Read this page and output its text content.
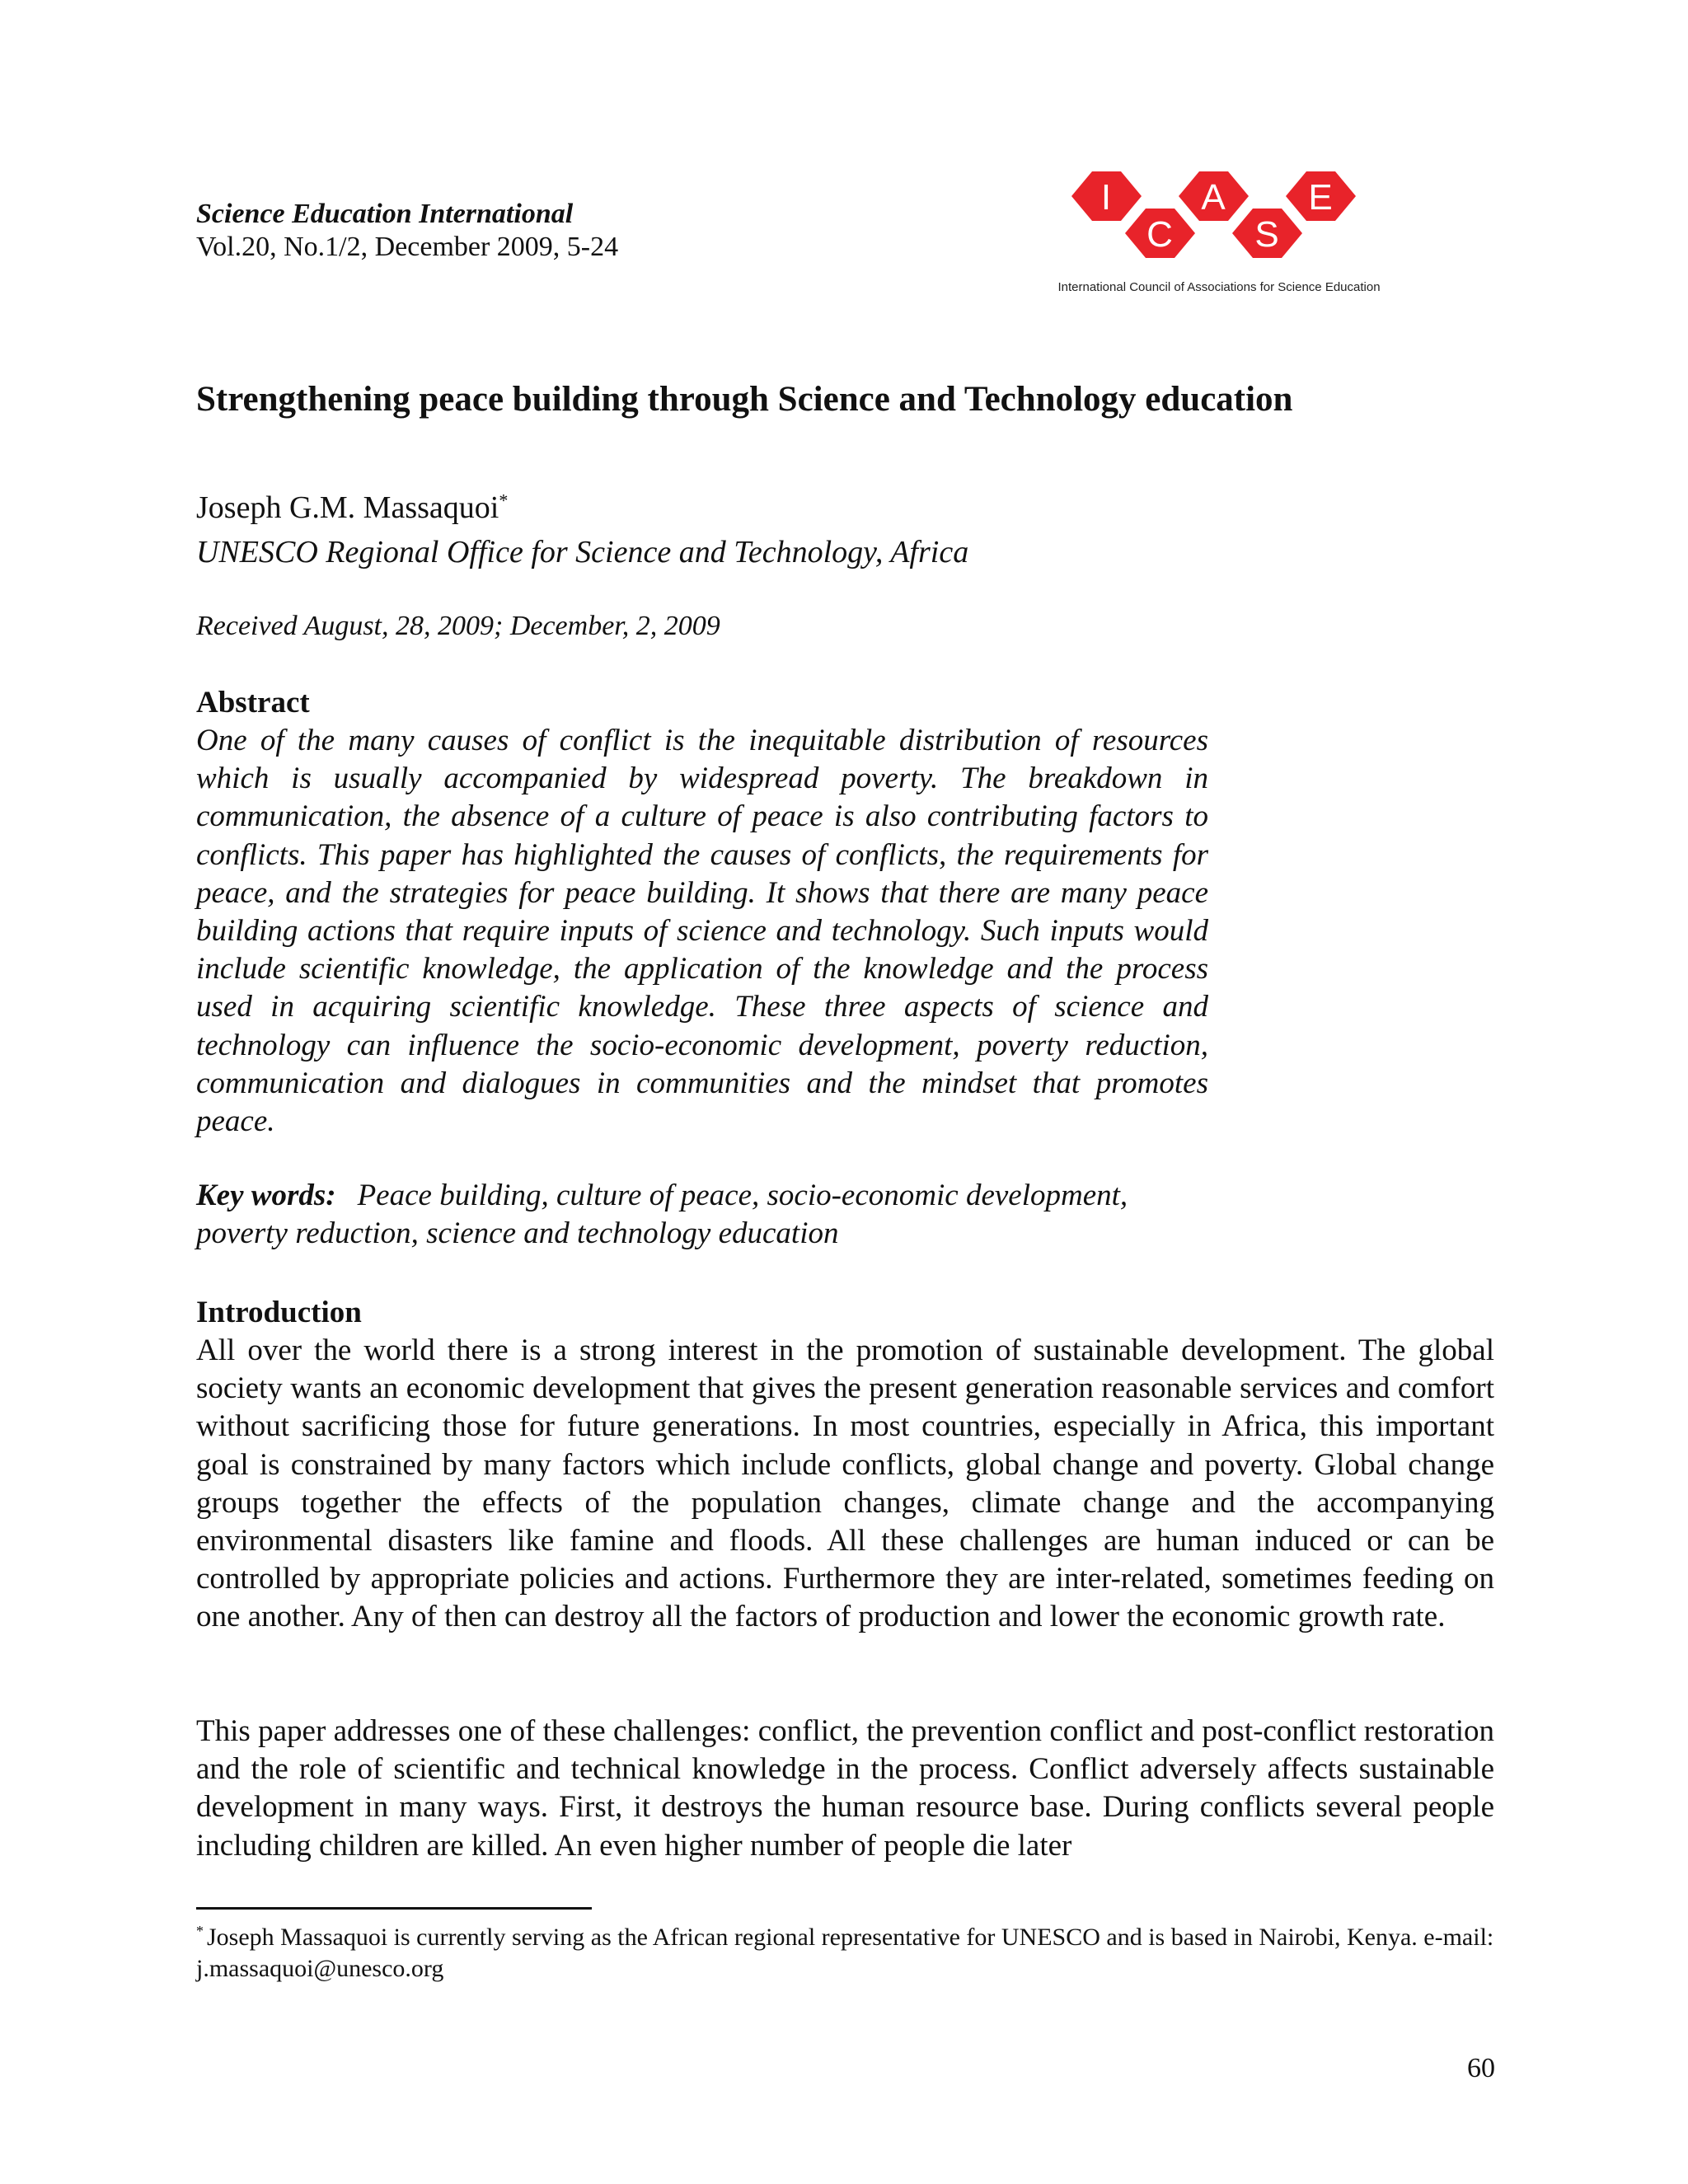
Science Education International
Vol.20, No.1/2, December 2009, 5-24
I
C
A
S
E
International Council of Associations for Science Education
Strengthening peace building through Science and Technology education
Joseph G.M. Massaquoi*
UNESCO Regional Office for Science and Technology, Africa
Received August, 28, 2009; December, 2, 2009
Abstract
One of the many causes of conflict is the inequitable distribution of resources which is usually accompanied by widespread poverty. The breakdown in communication, the absence of a culture of peace is also contributing factors to conflicts. This paper has highlighted the causes of conflicts, the requirements for peace, and the strategies for peace building. It shows that there are many peace building actions that require inputs of science and technology. Such inputs would include scientific knowledge, the application of the knowledge and the process used in acquiring scientific knowledge. These three aspects of science and technology can influence the socio-economic development, poverty reduction, communication and dialogues in communities and the mindset that promotes peace.
Key words: Peace building, culture of peace, socio-economic development, poverty reduction, science and technology education
Introduction
All over the world there is a strong interest in the promotion of sustainable development. The global society wants an economic development that gives the present generation reasonable services and comfort without sacrificing those for future generations. In most countries, especially in Africa, this important goal is constrained by many factors which include conflicts, global change and poverty. Global change groups together the effects of the population changes, climate change and the accompanying environmental disasters like famine and floods. All these challenges are human induced or can be controlled by appropriate policies and actions. Furthermore they are inter-related, sometimes feeding on one another. Any of then can destroy all the factors of production and lower the economic growth rate.
This paper addresses one of these challenges: conflict, the prevention conflict and post-conflict restoration and the role of scientific and technical knowledge in the process. Conflict adversely affects sustainable development in many ways. First, it destroys the human resource base. During conflicts several people including children are killed. An even higher number of people die later
* Joseph Massaquoi is currently serving as the African regional representative for UNESCO and is based in Nairobi, Kenya. e-mail: j.massaquoi@unesco.org
60
